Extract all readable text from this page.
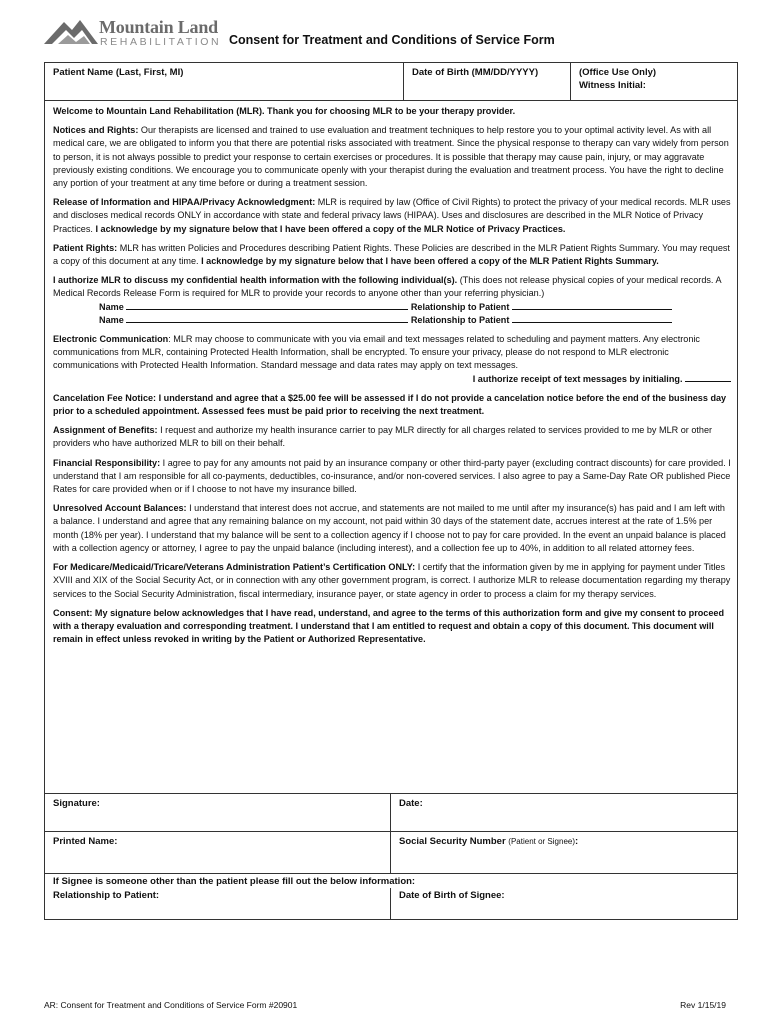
Mountain Land
REHABILITATION Consent for Treatment and Conditions of Service Form
Patient Name (Last, First, MI)	Date of Birth (MM/DD/YYYY)	(Office Use Only)
Witness Initial:

Welcome to Mountain Land Rehabilitation (MLR). Thank you for choosing MLR to be your therapy provider.

Notices and Rights: Our therapists are licensed and trained to use evaluation and treatment techniques to help restore you to your optimal activity level. As with all medical care, we are obligated to inform you that there are potential risks associated with treatment. Since the physical response to therapy can vary widely from person to person, it is not always possible to predict your response to certain exercises or procedures. It is possible that therapy may cause pain, injury, or may aggravate previously existing conditions. We encourage you to communicate openly with your therapist during the evaluation and treatment process. You have the right to decline any portion of your treatment at any time before or during a treatment session.

Release of Information and HIPAA/Privacy Acknowledgment: MLR is required by law (Office of Civil Rights) to protect the privacy of your medical records. MLR uses and discloses medical records ONLY in accordance with state and federal privacy laws (HIPAA). Uses and disclosures are described in the MLR Notice of Privacy Practices. I acknowledge by my signature below that I have been offered a copy of the MLR Notice of Privacy Practices.

Patient Rights: MLR has written Policies and Procedures describing Patient Rights. These Policies are described in the MLR Patient Rights Summary. You may request a copy of this document at any time. I acknowledge by my signature below that I have been offered a copy of the MLR Patient Rights Summary.

I authorize MLR to discuss my confidential health information with the following individual(s). (This does not release physical copies of your medical records. A Medical Records Release Form is required for MLR to provide your records to anyone other than your referring physician.)

Name	Relationship to Patient
Name	Relationship to Patient

Electronic Communication: MLR may choose to communicate with you via email and text messages related to scheduling and payment matters. Any electronic communications from MLR, containing Protected Health Information, shall be encrypted. To ensure your privacy, please do not respond to MLR electronic communications with Protected Health Information. Standard message and data rates may apply on text messages.

I authorize receipt of text messages by initialing.

Cancelation Fee Notice: I understand and agree that a $25.00 fee will be assessed if I do not provide a cancelation notice before the end of the business day prior to a scheduled appointment. Assessed fees must be paid prior to receiving the next treatment.

Assignment of Benefits: I request and authorize my health insurance carrier to pay MLR directly for all charges related to services provided to me by MLR or other providers who have authorized MLR to bill on their behalf.

Financial Responsibility: I agree to pay for any amounts not paid by an insurance company or other third-party payer (excluding contract discounts) for care provided. I understand that I am responsible for all co-payments, deductibles, co-insurance, and/or non-covered services. I also agree to pay a Same-Day Rate OR published Piece Rates for care provided when or if I choose to not have my insurance billed.

Unresolved Account Balances: I understand that interest does not accrue, and statements are not mailed to me until after my insurance(s) has paid and I am left with a balance. I understand and agree that any remaining balance on my account, not paid within 30 days of the statement date, accrues interest at the rate of 1.5% per month (18% per year). I understand that my balance will be sent to a collection agency if I choose not to pay for care provided. In the event an unpaid balance is placed with a collection agency or attorney, I agree to pay the unpaid balance (including interest), and a collection fee up to 40%, in addition to all related attorney fees.

For Medicare/Medicaid/Tricare/Veterans Administration Patient’s Certification ONLY: I certify that the information given by me in applying for payment under Titles XVIII and XIX of the Social Security Act, or in connection with any other government program, is correct. I authorize MLR to release documentation regarding my therapy services to the Social Security Administration, fiscal intermediary, insurance payer, or state agency in order to process a claim for my therapy services.

Consent: My signature below acknowledges that I have read, understand, and agree to the terms of this authorization form and give my consent to proceed with a therapy evaluation and corresponding treatment. I understand that I am entitled to request and obtain a copy of this document. This document will remain in effect unless revoked in writing by the Patient or Authorized Representative.

Signature:	Date:
Printed Name:	Social Security Number (Patient or Signee):
If Signee is someone other than the patient please fill out the below information:
Relationship to Patient:	Date of Birth of Signee:
AR: Consent for Treatment and Conditions of Service Form #20901	Rev 1/15/19
